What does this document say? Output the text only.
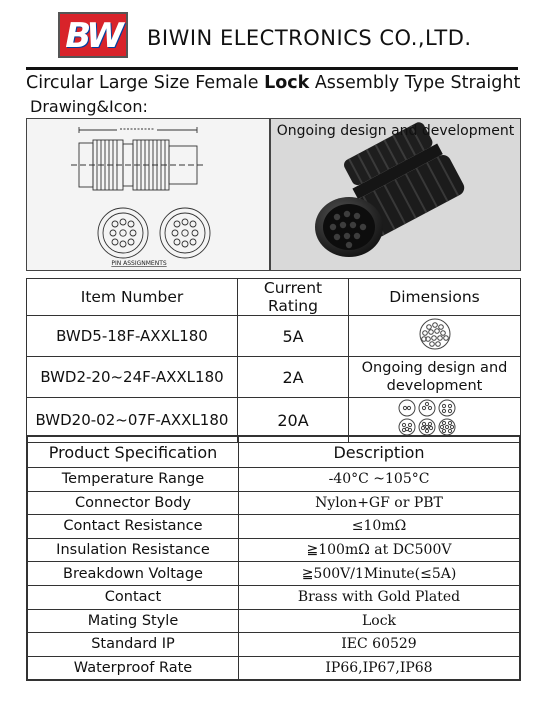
BW BIWIN ELECTRONICS CO.,LTD.
Circular Large Size Female Lock Assembly Type Straight
Drawing&Icon:
PIN ASSIGNMENTS
Ongoing design and development
Item Number	Current Rating	Dimensions
BWD5-18F-AXXL180	5A	
BWD2-20~24F-AXXL180	2A	Ongoing design and development
BWD20-02~07F-AXXL180	20A	
Product Specification	Description
Temperature Range	-40°C ~105°C
Connector Body	Nylon+GF or PBT
Contact Resistance	≤10mΩ
Insulation Resistance	≧100mΩ at DC500V
Breakdown Voltage	≧500V/1Minute(≤5A)
Contact	Brass with Gold Plated
Mating Style	Lock
Standard IP	IEC 60529
Waterproof Rate	IP66,IP67,IP68
